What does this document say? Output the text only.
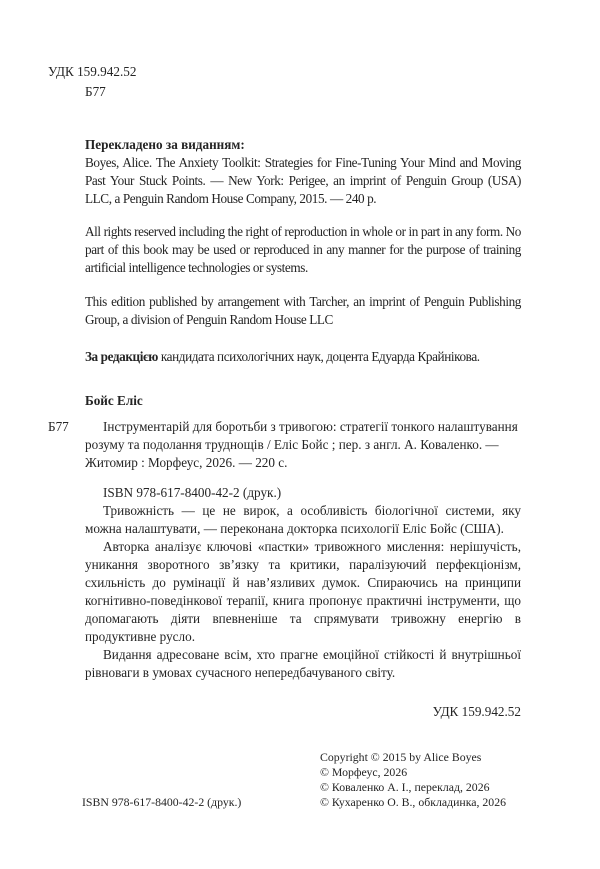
УДК 159.942.52
Б77
Перекладено за виданням:
Boyes, Alice. The Anxiety Toolkit: Strategies for Fine-Tuning Your Mind and Moving Past Your Stuck Points. — New York: Perigee, an imprint of Penguin Group (USA) LLC, a Penguin Random House Company, 2015. — 240 p.
All rights reserved including the right of reproduction in whole or in part in any form. No part of this book may be used or reproduced in any manner for the purpose of training artificial intelligence technologies or systems.
This edition published by arrangement with Tarcher, an imprint of Penguin Publishing Group, a division of Penguin Random House LLC
За редакцією кандидата психологічних наук, доцента Едуарда Крайнікова.
Бойс Еліс
Б77	Інструментарій для боротьби з тривогою: стратегії тонкого налаштування розуму та подолання труднощів / Еліс Бойс ; пер. з англ. А. Коваленко. — Житомир : Морфеус, 2026. — 220 с.
ISBN 978-617-8400-42-2 (друк.)

Тривожність — це не вирок, а особливість біологічної системи, яку можна налаштувати, — переконана докторка психології Еліс Бойс (США).

Авторка аналізує ключові «пастки» тривожного мислення: нерішучість, уникання зворотного зв’язку та критики, паралізуючий перфекціонізм, схильність до румінації й нав’язливих думок. Спираючись на принципи когнітивно-поведінкової терапії, книга пропонує практичні інструменти, що допомагають діяти впевненіше та спрямувати тривожну енергію в продуктивне русло.

Видання адресоване всім, хто прагне емоційної стійкості й внутрішньої рівноваги в умовах сучасного непередбачуваного світу.

УДК 159.942.52
Copyright © 2015 by Alice Boyes
© Морфеус, 2026
© Коваленко А. І., переклад, 2026
© Кухаренко О. В., обкладинка, 2026
ISBN 978-617-8400-42-2 (друк.)
